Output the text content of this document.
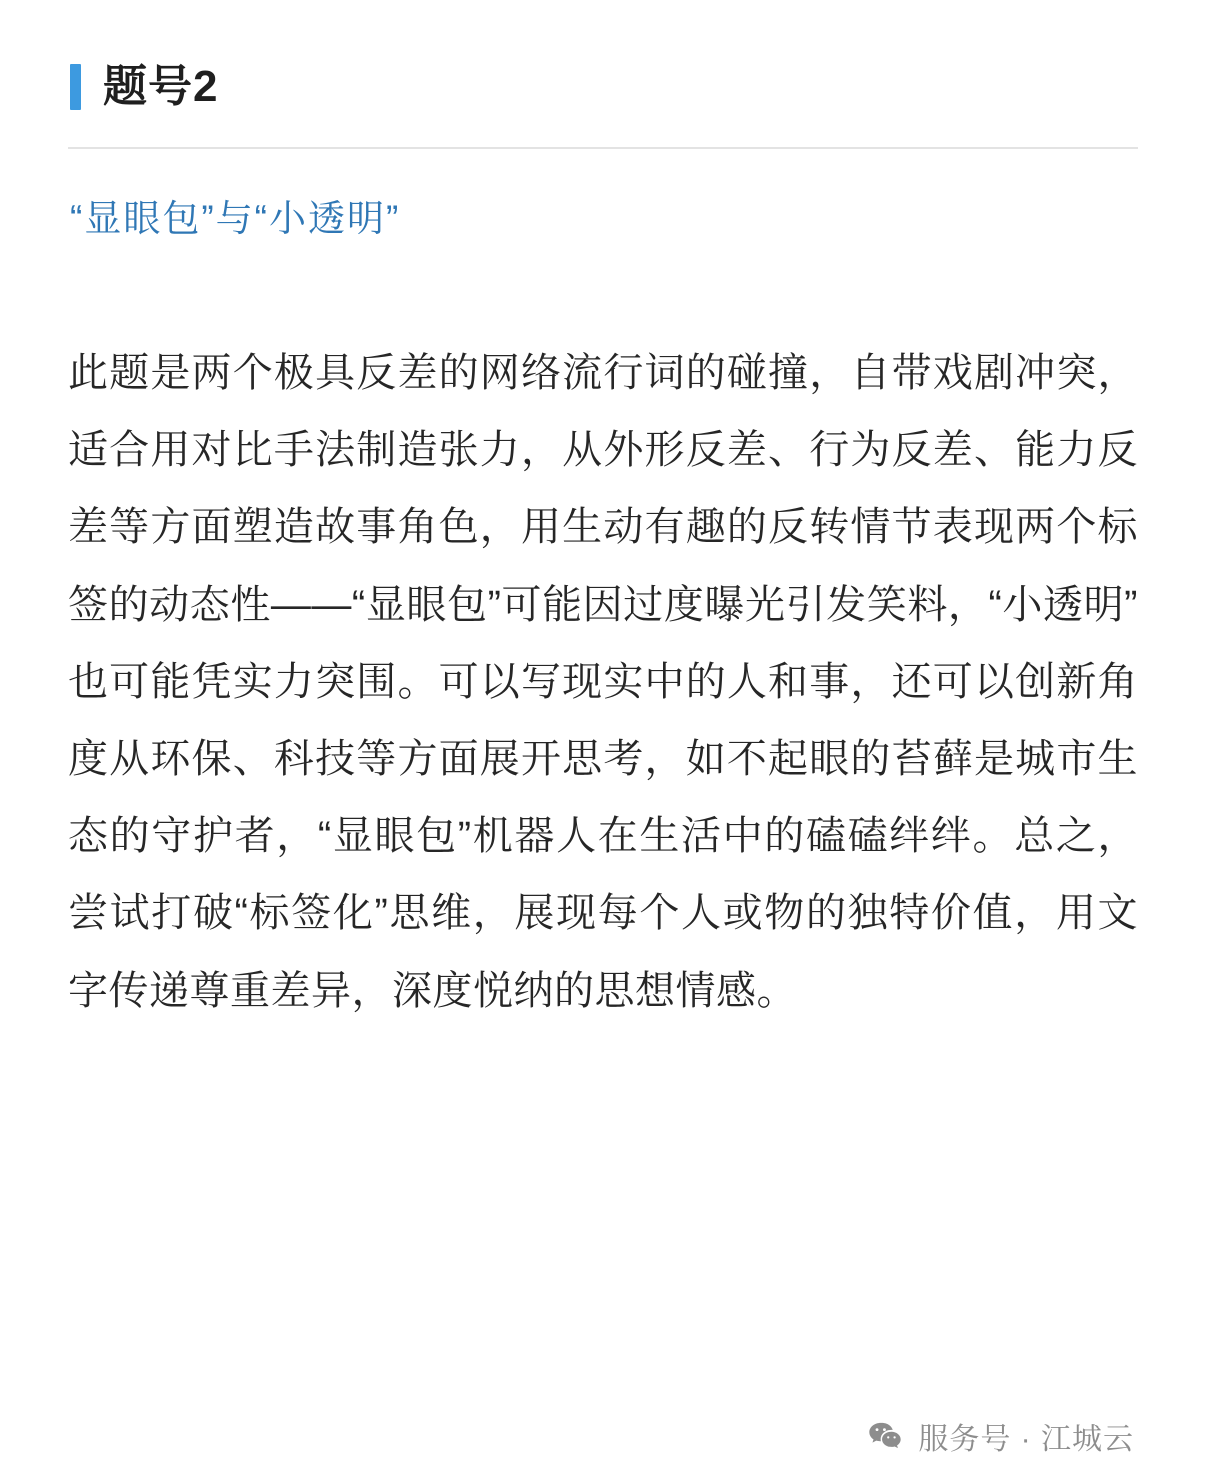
题号2
“显眼包”与“小透明”
此题是两个极具反差的网络流行词的碰撞，自带戏剧冲突，适合用对比手法制造张力，从外形反差、行为反差、能力反差等方面塑造故事角色，用生动有趣的反转情节表现两个标签的动态性——“显眼包”可能因过度曝光引发笑料，“小透明”也可能凭实力突围。可以写现实中的人和事，还可以创新角度从环保、科技等方面展开思考，如不起眼的苔藓是城市生态的守护者，“显眼包”机器人在生活中的磕磕绊绊。总之，尝试打破“标签化”思维，展现每个人或物的独特价值，用文字传递尊重差异，深度悦纳的思想情感。
服务号 · 江城云
